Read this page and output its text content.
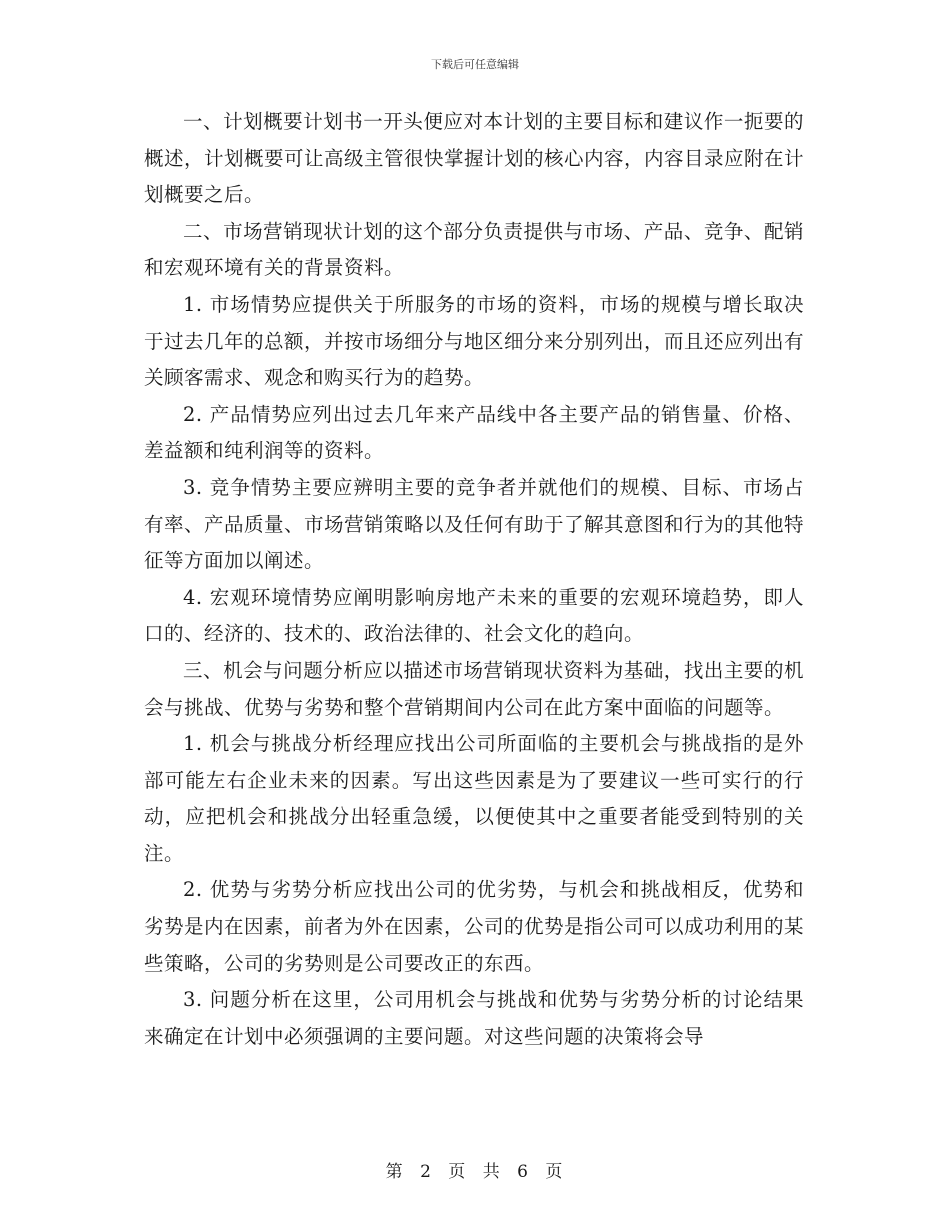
下载后可任意编辑

一、计划概要计划书一开头便应对本计划的主要目标和建议作一扼要的概述，计划概要可让高级主管很快掌握计划的核心内容，内容目录应附在计划概要之后。

二、市场营销现状计划的这个部分负责提供与市场、产品、竞争、配销和宏观环境有关的背景资料。

1. 市场情势应提供关于所服务的市场的资料，市场的规模与增长取决于过去几年的总额，并按市场细分与地区细分来分别列出，而且还应列出有关顾客需求、观念和购买行为的趋势。

2. 产品情势应列出过去几年来产品线中各主要产品的销售量、价格、差益额和纯利润等的资料。

3. 竞争情势主要应辨明主要的竞争者并就他们的规模、目标、市场占有率、产品质量、市场营销策略以及任何有助于了解其意图和行为的其他特征等方面加以阐述。

4. 宏观环境情势应阐明影响房地产未来的重要的宏观环境趋势，即人口的、经济的、技术的、政治法律的、社会文化的趋向。

三、机会与问题分析应以描述市场营销现状资料为基础，找出主要的机会与挑战、优势与劣势和整个营销期间内公司在此方案中面临的问题等。

1. 机会与挑战分析经理应找出公司所面临的主要机会与挑战指的是外部可能左右企业未来的因素。写出这些因素是为了要建议一些可实行的行动，应把机会和挑战分出轻重急缓，以便使其中之重要者能受到特别的关注。

2. 优势与劣势分析应找出公司的优劣势，与机会和挑战相反，优势和劣势是内在因素，前者为外在因素，公司的优势是指公司可以成功利用的某些策略，公司的劣势则是公司要改正的东西。

3. 问题分析在这里，公司用机会与挑战和优势与劣势分析的讨论结果来确定在计划中必须强调的主要问题。对这些问题的决策将会导

第 2 页 共 6 页
